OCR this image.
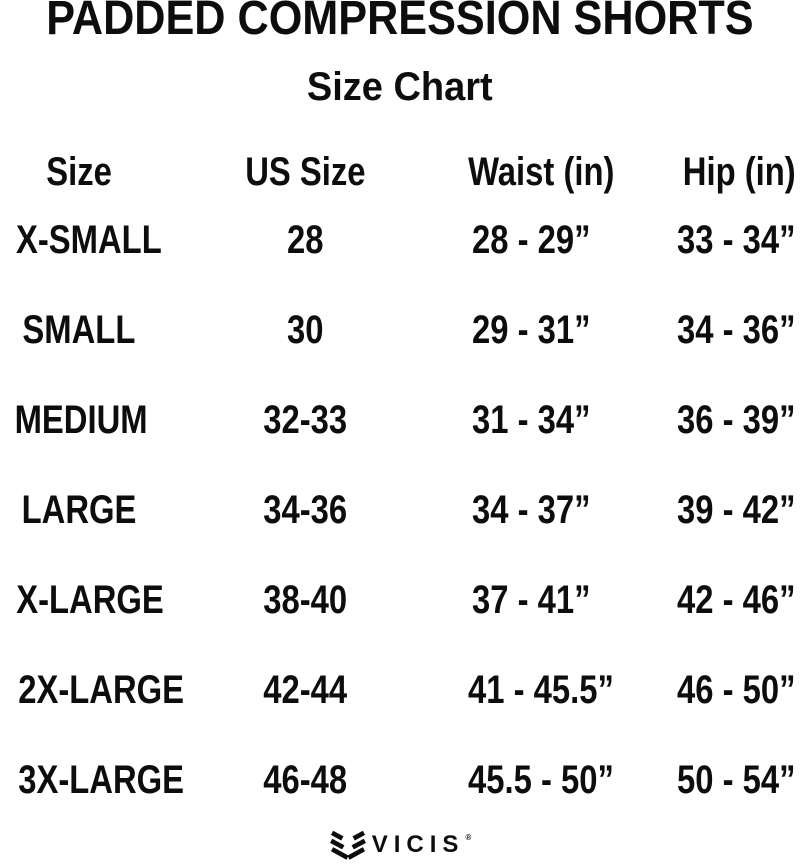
PADDED COMPRESSION SHORTS
Size Chart
Size	US Size	Waist (in)	Hip (in)
X-SMALL	28	28 - 29”	33 - 34”
SMALL	30	29 - 31”	34 - 36”
MEDIUM	32-33	31 - 34”	36 - 39”
LARGE	34-36	34 - 37”	39 - 42”
X-LARGE	38-40	37 - 41”	42 - 46”
2X-LARGE	42-44	41 - 45.5”	46 - 50”
3X-LARGE	46-48	45.5 - 50”	50 - 54”
VICIS ®
